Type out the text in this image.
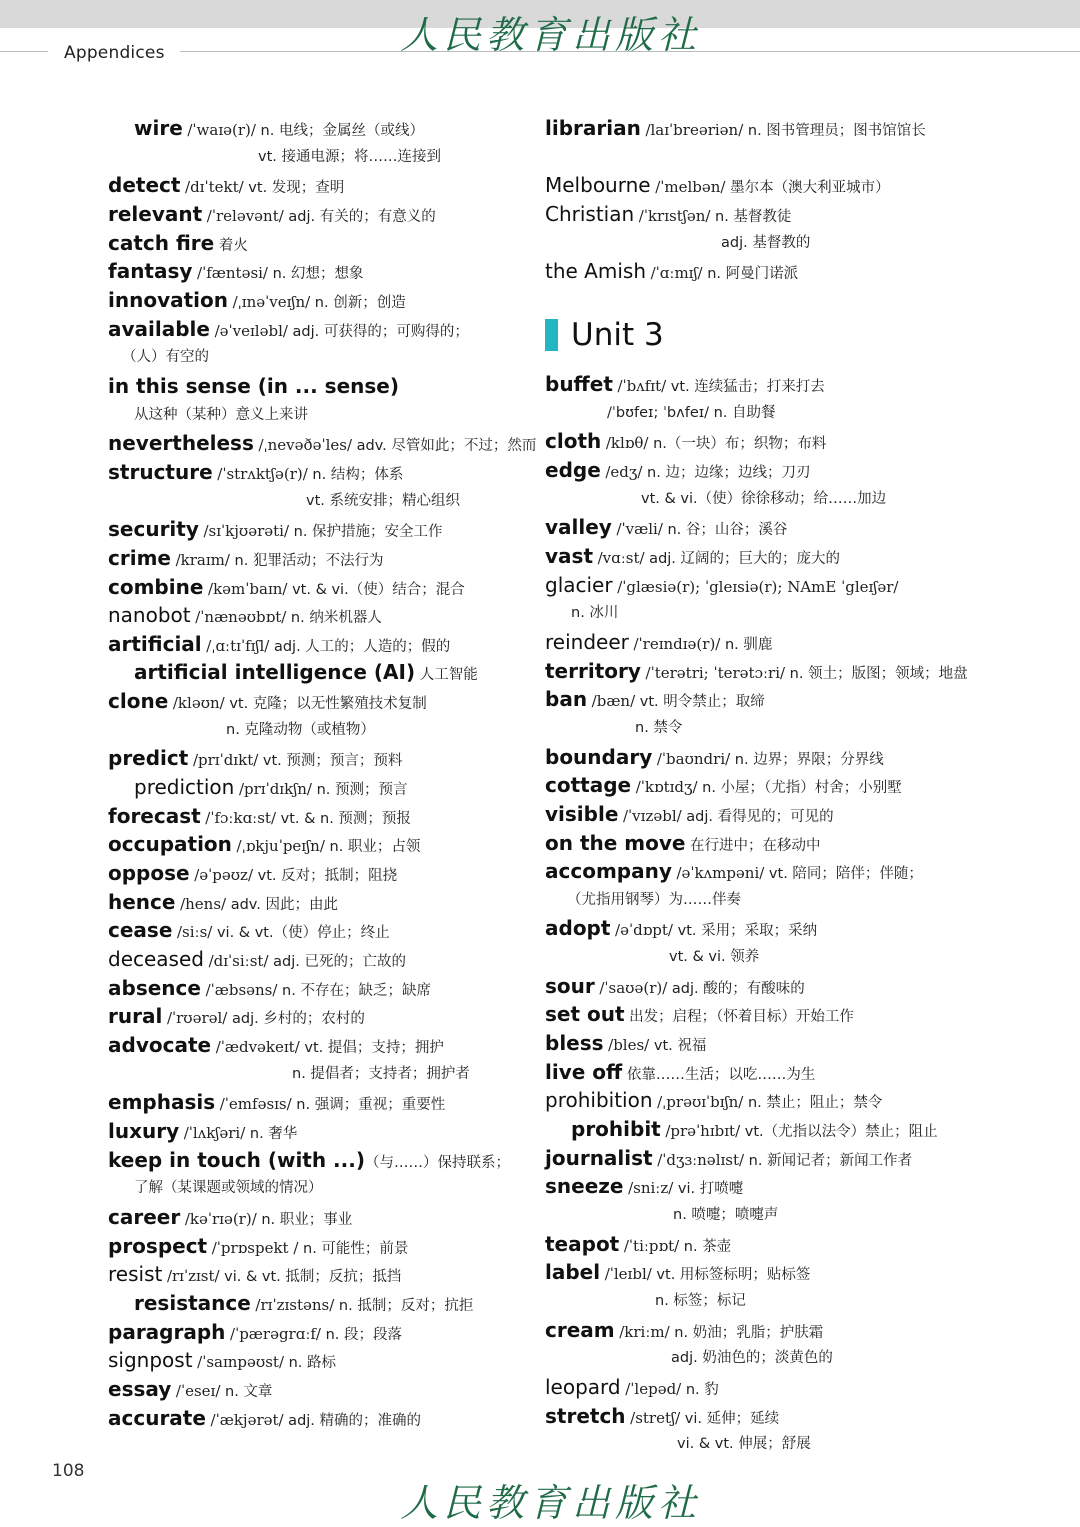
Appendices	人民教育出版社
wire /ˈwaɪə(r)/ n. 电线；金属丝（或线）
vt. 接通电源；将……连接到
detect /dɪˈtekt/ vt. 发现；查明
relevant /ˈreləvənt/ adj. 有关的；有意义的
catch fire 着火
fantasy /ˈfæntəsi/ n. 幻想；想象
innovation /ˌɪnəˈveɪʃn/ n. 创新；创造
available /əˈveɪləbl/ adj. 可获得的；可购得的；
（人）有空的
in this sense (in ... sense)
从这种（某种）意义上来讲
nevertheless /ˌnevəðəˈles/ adv. 尽管如此；不过；然而
structure /ˈstrʌktʃə(r)/ n. 结构；体系
vt. 系统安排；精心组织
security /sɪˈkjʊərəti/ n. 保护措施；安全工作
crime /kraɪm/ n. 犯罪活动；不法行为
combine /kəmˈbaɪn/ vt. & vi.（使）结合；混合
nanobot /ˈnænəʊbɒt/ n. 纳米机器人
artificial /ˌɑːtɪˈfɪʃl/ adj. 人工的；人造的；假的
artificial intelligence (AI) 人工智能
clone /kləʊn/ vt. 克隆；以无性繁殖技术复制
n. 克隆动物（或植物）
predict /prɪˈdɪkt/ vt. 预测；预言；预料
prediction /prɪˈdɪkʃn/ n. 预测；预言
forecast /ˈfɔːkɑːst/ vt. & n. 预测；预报
occupation /ˌɒkjuˈpeɪʃn/ n. 职业；占领
oppose /əˈpəʊz/ vt. 反对；抵制；阻挠
hence /hens/ adv. 因此；由此
cease /siːs/ vi. & vt.（使）停止；终止
deceased /dɪˈsiːst/ adj. 已死的；亡故的
absence /ˈæbsəns/ n. 不存在；缺乏；缺席
rural /ˈrʊərəl/ adj. 乡村的；农村的
advocate /ˈædvəkeɪt/ vt. 提倡；支持；拥护
n. 提倡者；支持者；拥护者
emphasis /ˈemfəsɪs/ n. 强调；重视；重要性
luxury /ˈlʌkʃəri/ n. 奢华
keep in touch (with ...)（与……）保持联系；
了解（某课题或领域的情况）
career /kəˈrɪə(r)/ n. 职业；事业
prospect /ˈprɒspekt / n. 可能性；前景
resist /rɪˈzɪst/ vi. & vt. 抵制；反抗；抵挡
resistance /rɪˈzɪstəns/ n. 抵制；反对；抗拒
paragraph /ˈpærəgrɑːf/ n. 段；段落
signpost /ˈsaɪnpəʊst/ n. 路标
essay /ˈeseɪ/ n. 文章
accurate /ˈækjərət/ adj. 精确的；准确的
librarian /laɪˈbreəriən/ n. 图书管理员；图书馆馆长
Melbourne /ˈmelbən/ 墨尔本（澳大利亚城市）
Christian /ˈkrɪstʃən/ n. 基督教徒
adj. 基督教的
the Amish /ˈɑːmɪʃ/ n. 阿曼门诺派
Unit 3
buffet /ˈbʌfɪt/ vt. 连续猛击；打来打去
/ˈbʊfeɪ; ˈbʌfeɪ/ n. 自助餐
cloth /klɒθ/ n.（一块）布；织物；布料
edge /edʒ/ n. 边；边缘；边线；刀刃
vt. & vi.（使）徐徐移动；给……加边
valley /ˈvæli/ n. 谷；山谷；溪谷
vast /vɑːst/ adj. 辽阔的；巨大的；庞大的
glacier /ˈglæsiə(r); ˈgleɪsiə(r); NAmE ˈgleɪʃər/
n. 冰川
reindeer /ˈreɪndɪə(r)/ n. 驯鹿
territory /ˈterətri; ˈterətɔːri/ n. 领土；版图；领域；地盘
ban /bæn/ vt. 明令禁止；取缔
n. 禁令
boundary /ˈbaʊndri/ n. 边界；界限；分界线
cottage /ˈkɒtɪdʒ/ n. 小屋；（尤指）村舍；小别墅
visible /ˈvɪzəbl/ adj. 看得见的；可见的
on the move 在行进中；在移动中
accompany /əˈkʌmpəni/ vt. 陪同；陪伴；伴随；
（尤指用钢琴）为……伴奏
adopt /əˈdɒpt/ vt. 采用；采取；采纳
vt. & vi. 领养
sour /ˈsaʊə(r)/ adj. 酸的；有酸味的
set out 出发；启程；（怀着目标）开始工作
bless /bles/ vt. 祝福
live off 依靠……生活；以吃……为生
prohibition /ˌprəʊɪˈbɪʃn/ n. 禁止；阻止；禁令
prohibit /prəˈhɪbɪt/ vt.（尤指以法令）禁止；阻止
journalist /ˈdʒɜːnəlɪst/ n. 新闻记者；新闻工作者
sneeze /sniːz/ vi. 打喷嚏
n. 喷嚏；喷嚏声
teapot /ˈtiːpɒt/ n. 茶壶
label /ˈleɪbl/ vt. 用标签标明；贴标签
n. 标签；标记
cream /kriːm/ n. 奶油；乳脂；护肤霜
adj. 奶油色的；淡黄色的
leopard /ˈlepəd/ n. 豹
stretch /stretʃ/ vi. 延伸；延续
vi. & vt. 伸展；舒展
108
人民教育出版社
